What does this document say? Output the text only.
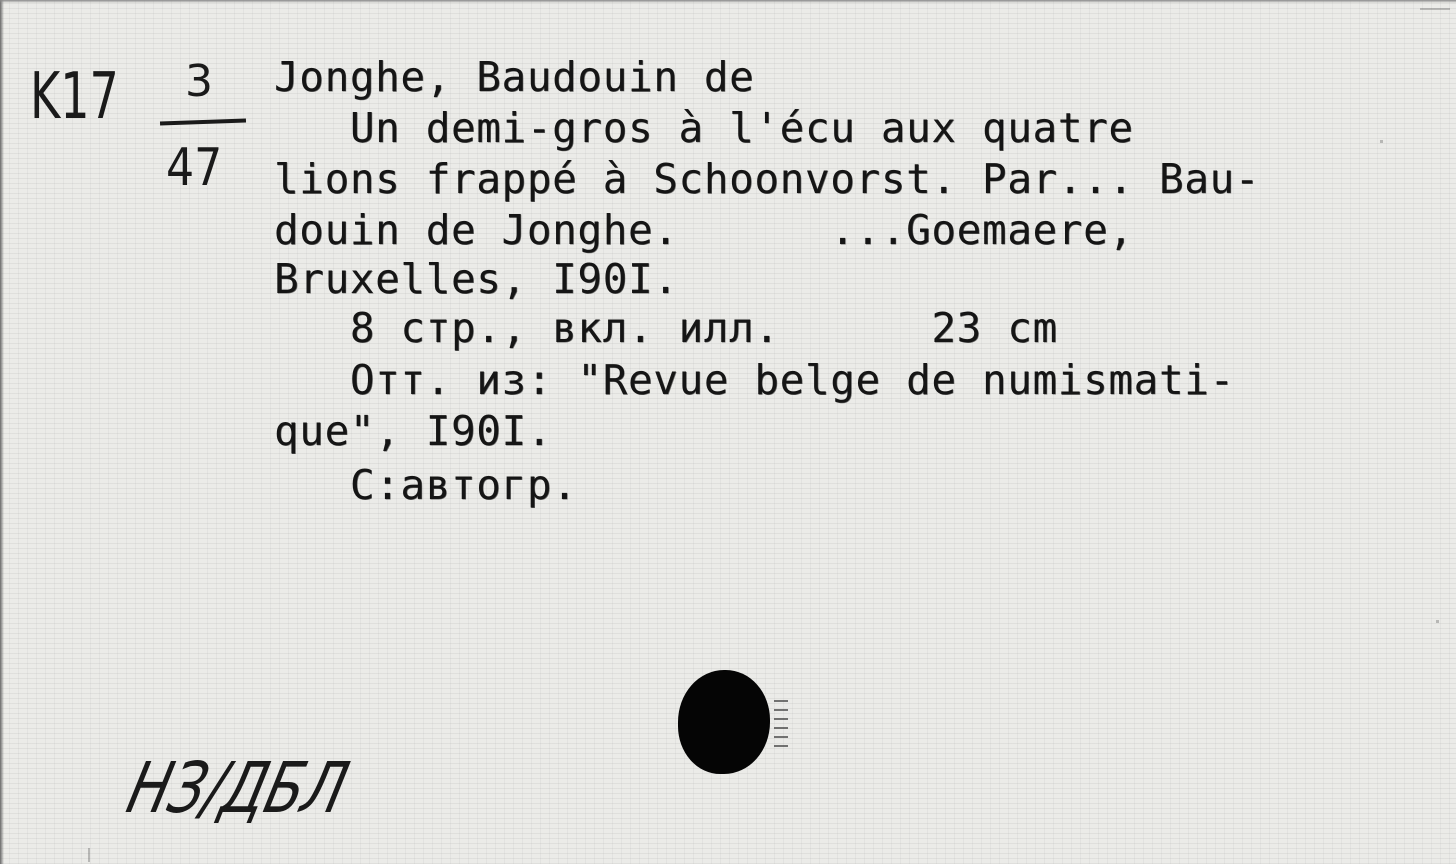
K17 3
47
Jonghe, Baudouin de
Un demi-gros à l'écu aux quatre
lions frappé à Schoonvorst. Par... Bau-
douin de Jonghe.      ...Goemaere,
Bruxelles, I90I.
8 стр., вкл. илл.      23 cm
Отт. из: "Revue belge de numismati-
que", I90I.
С:автогр.
НЗ/ДБЛ
